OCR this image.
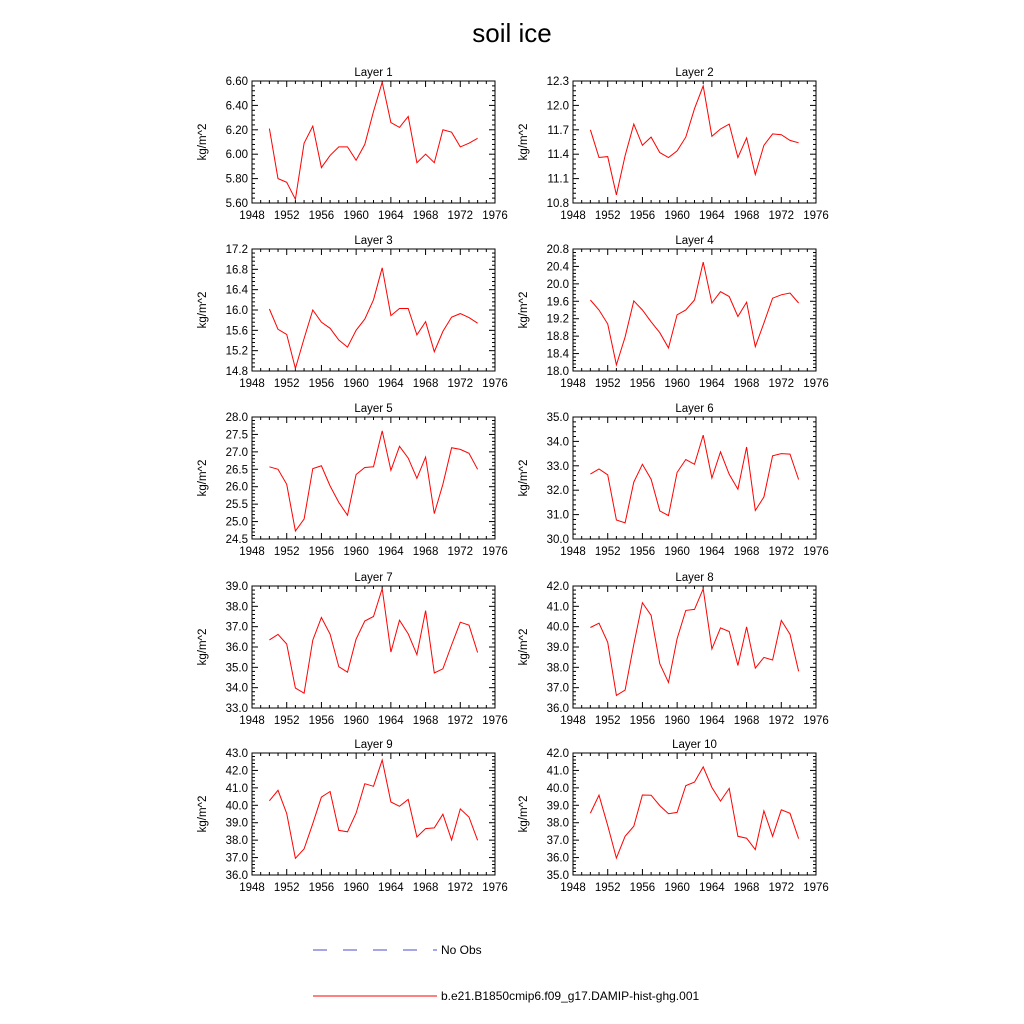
soil ice
Layer 1
1948 1952 1956 1960 1964 1968 1972 1976
5.60
5.80
6.00
6.20
6.40
6.60
kg/m^2
Layer 2
1948 1952 1956 1960 1964 1968 1972 1976
10.8
11.1
11.4
11.7
12.0
12.3
kg/m^2
Layer 3
1948 1952 1956 1960 1964 1968 1972 1976
14.8
15.2
15.6
16.0
16.4
16.8
17.2
kg/m^2
Layer 4
1948 1952 1956 1960 1964 1968 1972 1976
18.0
18.4
18.8
19.2
19.6
20.0
20.4
20.8
kg/m^2
Layer 5
1948 1952 1956 1960 1964 1968 1972 1976
24.5
25.0
25.5
26.0
26.5
27.0
27.5
28.0
kg/m^2
Layer 6
1948 1952 1956 1960 1964 1968 1972 1976
30.0
31.0
32.0
33.0
34.0
35.0
kg/m^2
Layer 7
1948 1952 1956 1960 1964 1968 1972 1976
33.0
34.0
35.0
36.0
37.0
38.0
39.0
kg/m^2
Layer 8
1948 1952 1956 1960 1964 1968 1972 1976
36.0
37.0
38.0
39.0
40.0
41.0
42.0
kg/m^2
Layer 9
1948 1952 1956 1960 1964 1968 1972 1976
36.0
37.0
38.0
39.0
40.0
41.0
42.0
43.0
kg/m^2
Layer 10
1948 1952 1956 1960 1964 1968 1972 1976
35.0
36.0
37.0
38.0
39.0
40.0
41.0
42.0
kg/m^2
No Obs
b.e21.B1850cmip6.f09_g17.DAMIP-hist-ghg.001
